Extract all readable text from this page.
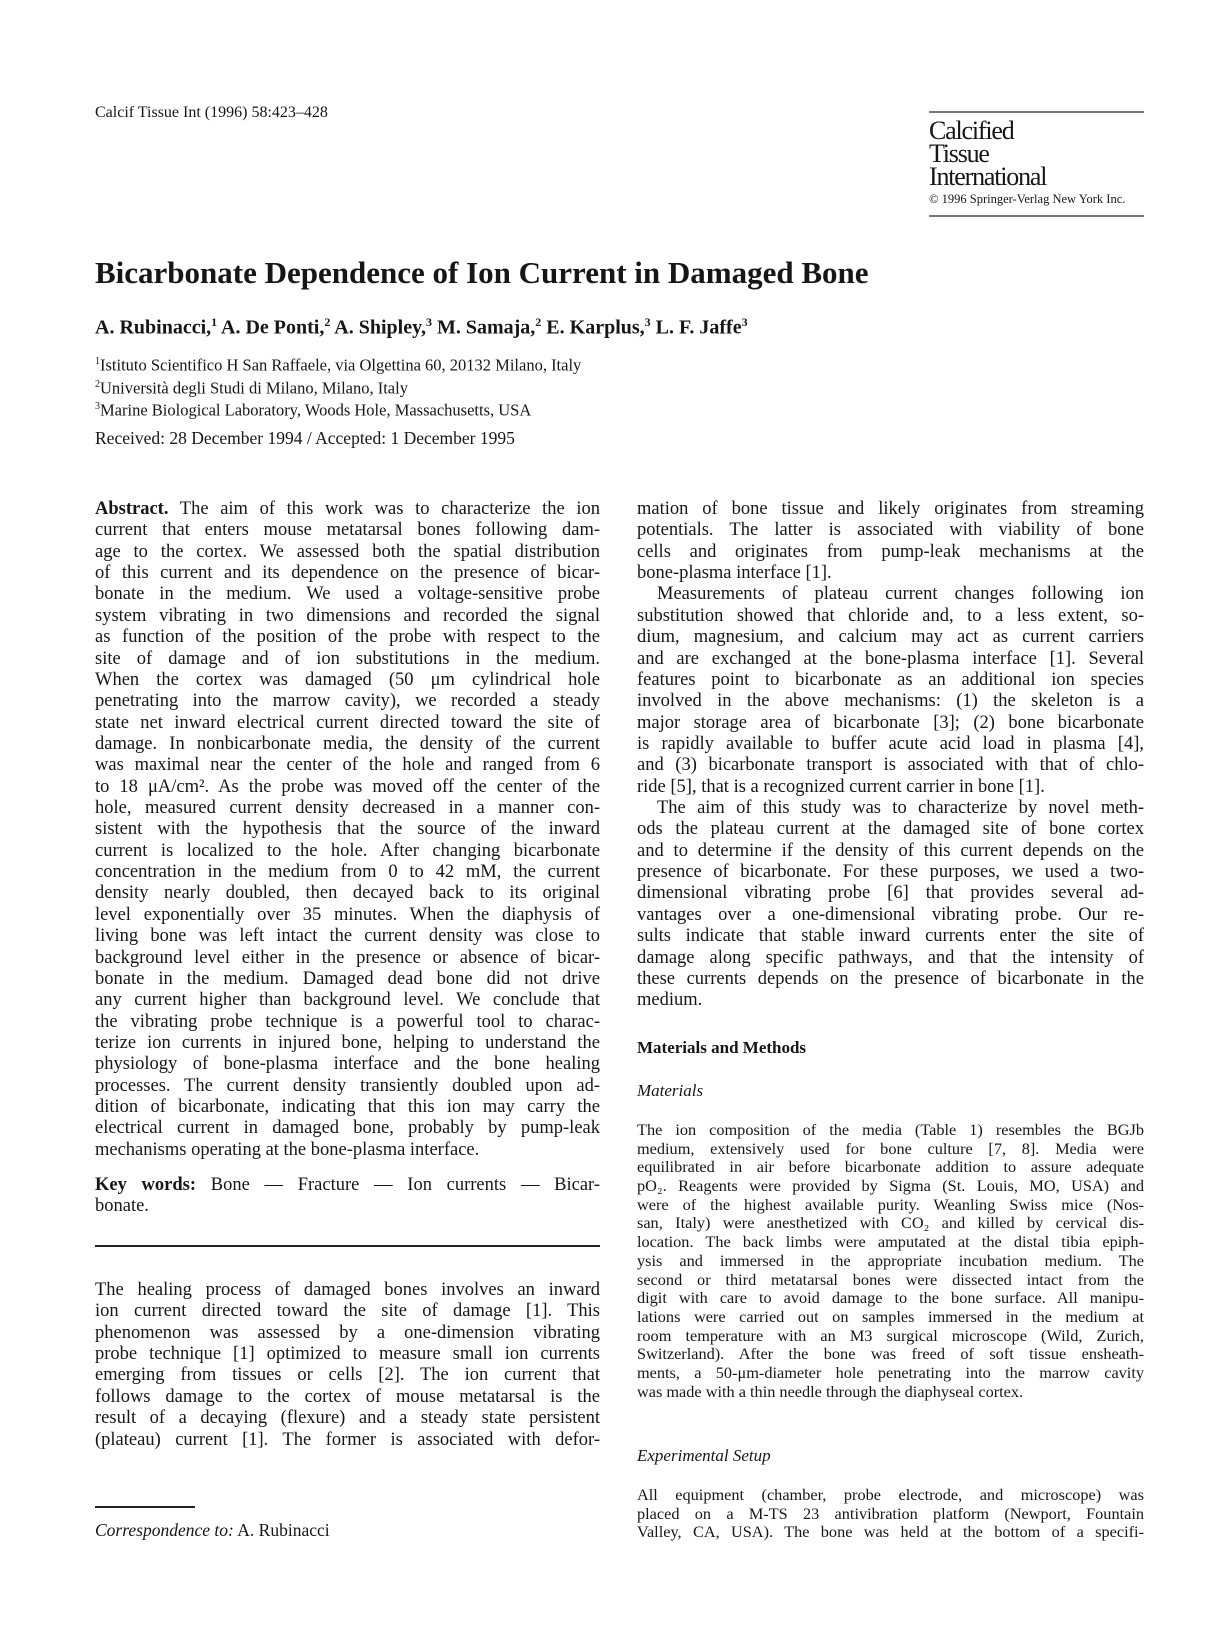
Calcif Tissue Int (1996) 58:423–428
Calcified
Tissue
International
© 1996 Springer-Verlag New York Inc.
Bicarbonate Dependence of Ion Current in Damaged Bone
A. Rubinacci,$^1$ A. De Ponti,$^2$ A. Shipley,$^3$ M. Samaja,$^2$ E. Karplus,$^3$ L. F. Jaffe$^3$
$^1$Istituto Scientifico H San Raffaele, via Olgettina 60, 20132 Milano, Italy
$^2$Università degli Studi di Milano, Milano, Italy
$^3$Marine Biological Laboratory, Woods Hole, Massachusetts, USA
Received: 28 December 1994 / Accepted: 1 December 1995
Abstract. The aim of this work was to characterize the ion
current that enters mouse metatarsal bones following dam-
age to the cortex. We assessed both the spatial distribution
of this current and its dependence on the presence of bicar-
bonate in the medium. We used a voltage-sensitive probe
system vibrating in two dimensions and recorded the signal
as function of the position of the probe with respect to the
site of damage and of ion substitutions in the medium.
When the cortex was damaged (50 μm cylindrical hole
penetrating into the marrow cavity), we recorded a steady
state net inward electrical current directed toward the site of
damage. In nonbicarbonate media, the density of the current
was maximal near the center of the hole and ranged from 6
to 18 μA/cm². As the probe was moved off the center of the
hole, measured current density decreased in a manner con-
sistent with the hypothesis that the source of the inward
current is localized to the hole. After changing bicarbonate
concentration in the medium from 0 to 42 mM, the current
density nearly doubled, then decayed back to its original
level exponentially over 35 minutes. When the diaphysis of
living bone was left intact the current density was close to
background level either in the presence or absence of bicar-
bonate in the medium. Damaged dead bone did not drive
any current higher than background level. We conclude that
the vibrating probe technique is a powerful tool to charac-
terize ion currents in injured bone, helping to understand the
physiology of bone-plasma interface and the bone healing
processes. The current density transiently doubled upon ad-
dition of bicarbonate, indicating that this ion may carry the
electrical current in damaged bone, probably by pump-leak
mechanisms operating at the bone-plasma interface.
Key words: Bone — Fracture — Ion currents — Bicar-
bonate.
The healing process of damaged bones involves an inward
ion current directed toward the site of damage [1]. This
phenomenon was assessed by a one-dimension vibrating
probe technique [1] optimized to measure small ion currents
emerging from tissues or cells [2]. The ion current that
follows damage to the cortex of mouse metatarsal is the
result of a decaying (flexure) and a steady state persistent
(plateau) current [1]. The former is associated with defor-
Correspondence to: A. Rubinacci
mation of bone tissue and likely originates from streaming
potentials. The latter is associated with viability of bone
cells and originates from pump-leak mechanisms at the
bone-plasma interface [1].
Measurements of plateau current changes following ion
substitution showed that chloride and, to a less extent, so-
dium, magnesium, and calcium may act as current carriers
and are exchanged at the bone-plasma interface [1]. Several
features point to bicarbonate as an additional ion species
involved in the above mechanisms: (1) the skeleton is a
major storage area of bicarbonate [3]; (2) bone bicarbonate
is rapidly available to buffer acute acid load in plasma [4],
and (3) bicarbonate transport is associated with that of chlo-
ride [5], that is a recognized current carrier in bone [1].
The aim of this study was to characterize by novel meth-
ods the plateau current at the damaged site of bone cortex
and to determine if the density of this current depends on the
presence of bicarbonate. For these purposes, we used a two-
dimensional vibrating probe [6] that provides several ad-
vantages over a one-dimensional vibrating probe. Our re-
sults indicate that stable inward currents enter the site of
damage along specific pathways, and that the intensity of
these currents depends on the presence of bicarbonate in the
medium.
Materials and Methods
Materials
The ion composition of the media (Table 1) resembles the BGJb
medium, extensively used for bone culture [7, 8]. Media were
equilibrated in air before bicarbonate addition to assure adequate
pO₂. Reagents were provided by Sigma (St. Louis, MO, USA) and
were of the highest available purity. Weanling Swiss mice (Nos-
san, Italy) were anesthetized with CO₂ and killed by cervical dis-
location. The back limbs were amputated at the distal tibia epiph-
ysis and immersed in the appropriate incubation medium. The
second or third metatarsal bones were dissected intact from the
digit with care to avoid damage to the bone surface. All manipu-
lations were carried out on samples immersed in the medium at
room temperature with an M3 surgical microscope (Wild, Zurich,
Switzerland). After the bone was freed of soft tissue ensheath-
ments, a 50-μm-diameter hole penetrating into the marrow cavity
was made with a thin needle through the diaphyseal cortex.
Experimental Setup
All equipment (chamber, probe electrode, and microscope) was
placed on a M-TS 23 antivibration platform (Newport, Fountain
Valley, CA, USA). The bone was held at the bottom of a specifi-
